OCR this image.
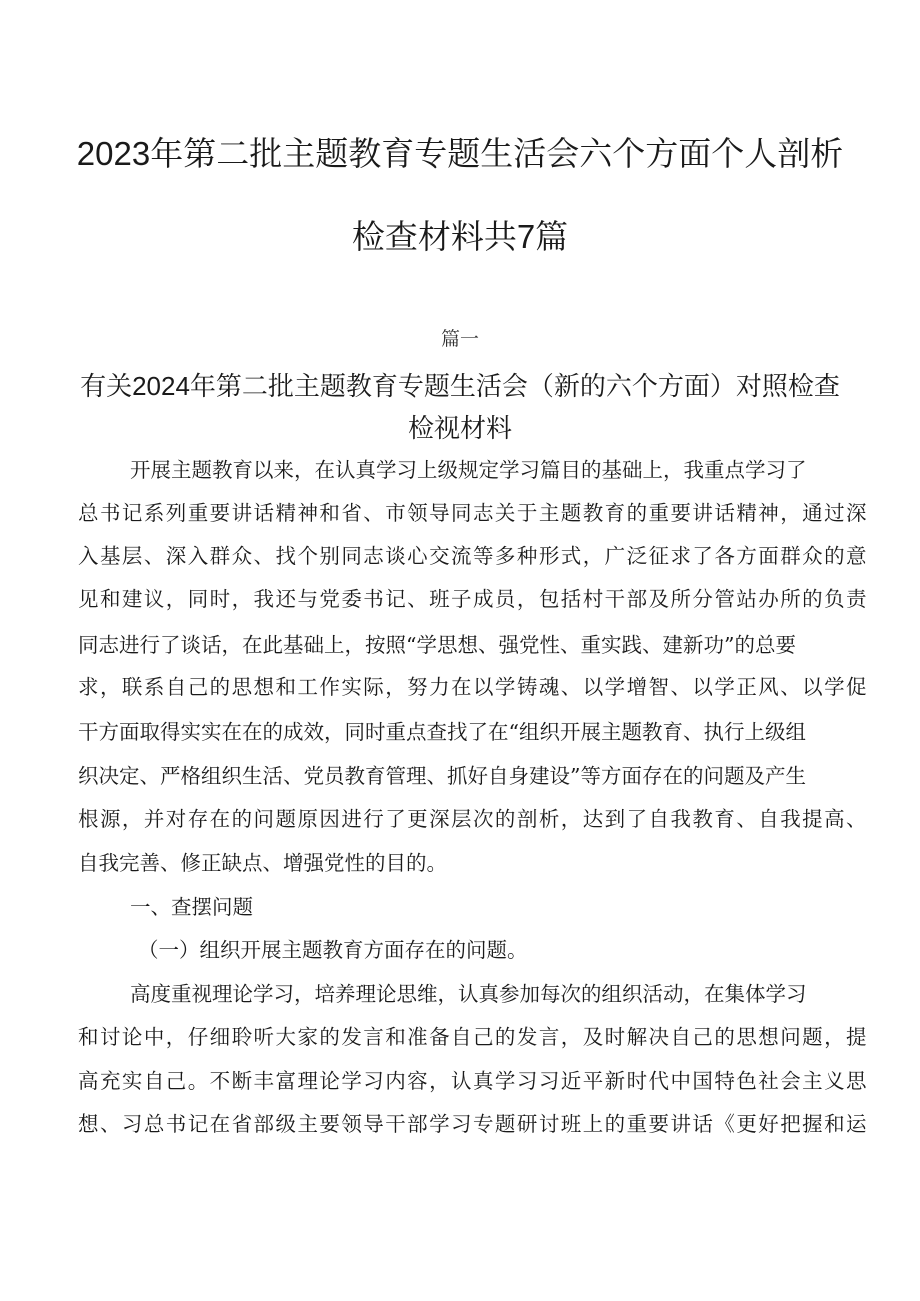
2023年第二批主题教育专题生活会六个方面个人剖析
检查材料共7篇
篇一
有关2024年第二批主题教育专题生活会（新的六个方面）对照检查
检视材料
开展主题教育以来，在认真学习上级规定学习篇目的基础上，我重点学习了
总书记系列重要讲话精神和省、市领导同志关于主题教育的重要讲话精神，通过深
入基层、深入群众、找个别同志谈心交流等多种形式，广泛征求了各方面群众的意
见和建议，同时，我还与党委书记、班子成员，包括村干部及所分管站办所的负责
同志进行了谈话，在此基础上，按照“学思想、强党性、重实践、建新功”的总要
求，联系自己的思想和工作实际，努力在以学铸魂、以学增智、以学正风、以学促
干方面取得实实在在的成效，同时重点查找了在“组织开展主题教育、执行上级组
织决定、严格组织生活、党员教育管理、抓好自身建设”等方面存在的问题及产生
根源，并对存在的问题原因进行了更深层次的剖析，达到了自我教育、自我提高、
自我完善、修正缺点、增强党性的目的。
一、查摆问题
（一）组织开展主题教育方面存在的问题。
高度重视理论学习，培养理论思维，认真参加每次的组织活动，在集体学习
和讨论中，仔细聆听大家的发言和准备自己的发言，及时解决自己的思想问题，提
高充实自己。不断丰富理论学习内容，认真学习习近平新时代中国特色社会主义思
想、习总书记在省部级主要领导干部学习专题研讨班上的重要讲话《更好把握和运
